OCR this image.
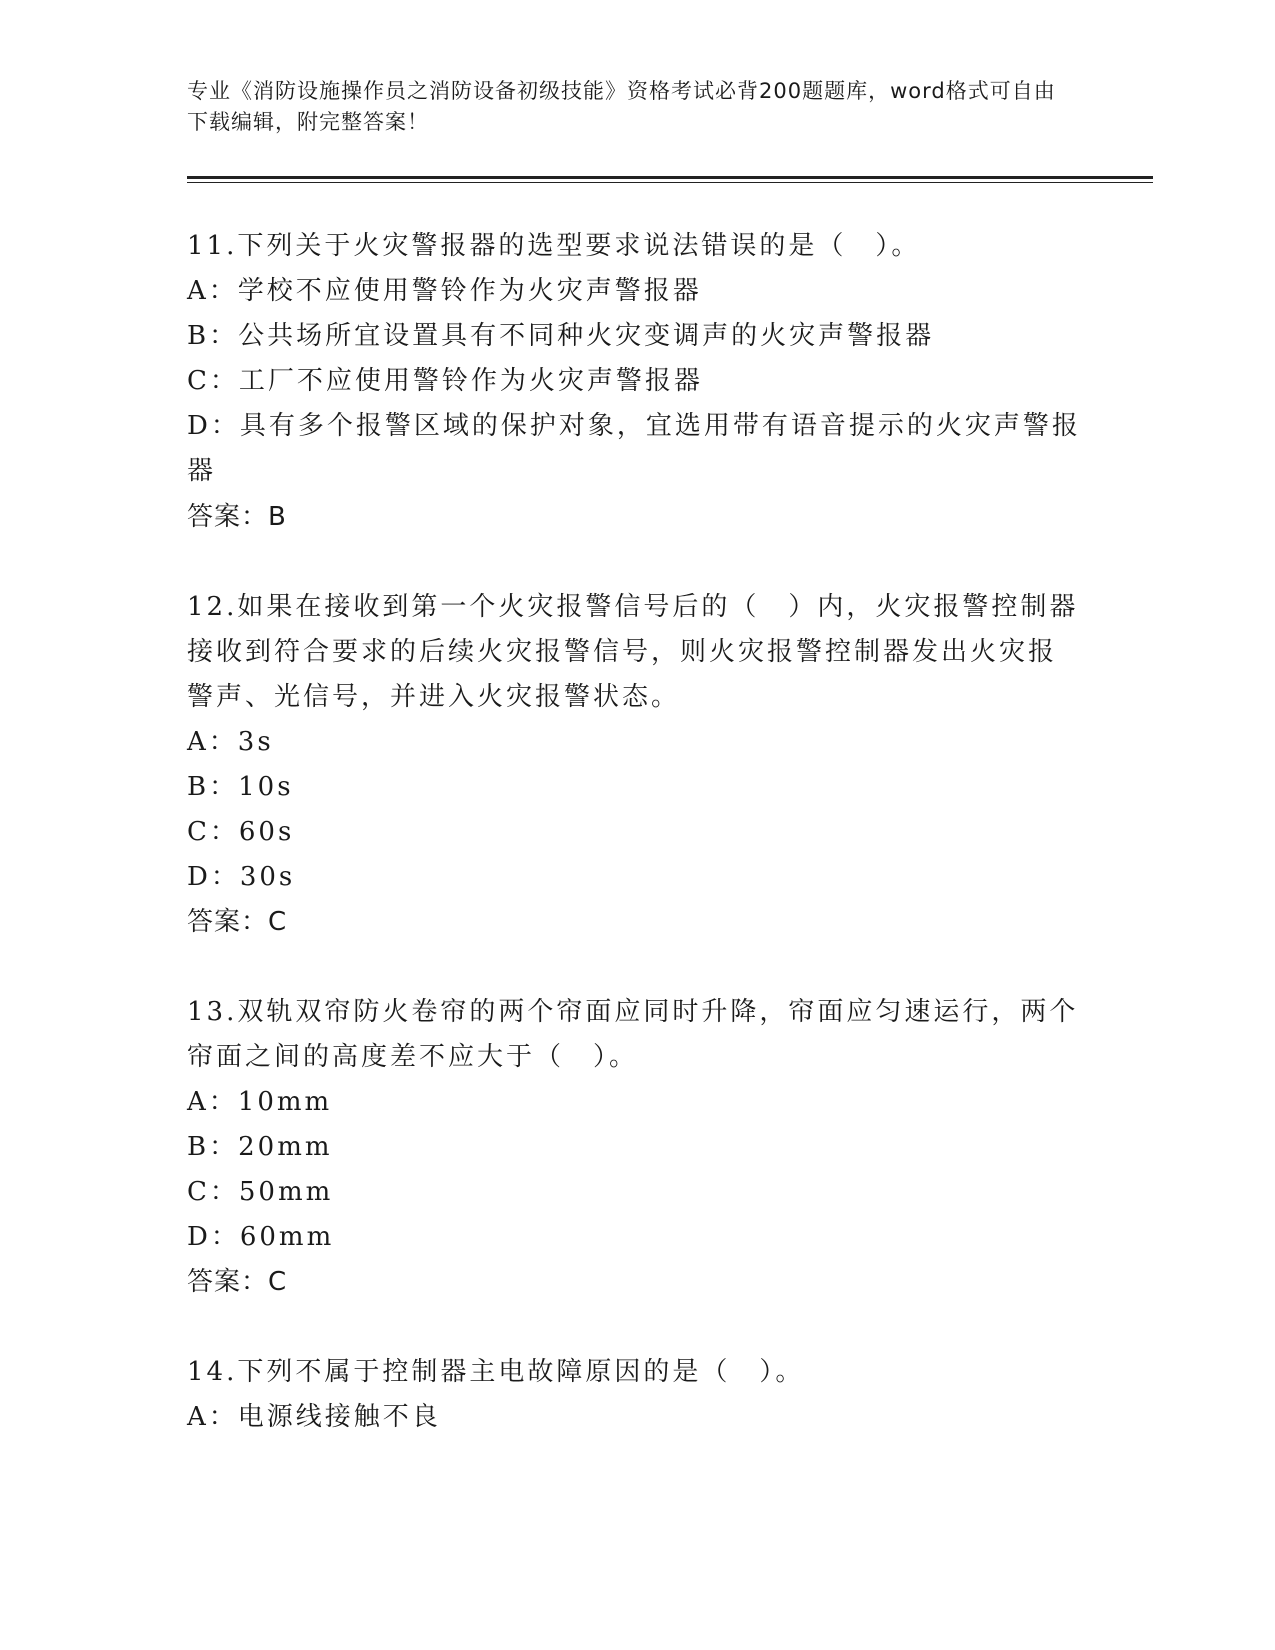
专业《消防设施操作员之消防设备初级技能》资格考试必背200题题库，word格式可自由下载编辑，附完整答案！
11.下列关于火灾警报器的选型要求说法错误的是（　）。
A：学校不应使用警铃作为火灾声警报器
B：公共场所宜设置具有不同种火灾变调声的火灾声警报器
C：工厂不应使用警铃作为火灾声警报器
D：具有多个报警区域的保护对象，宜选用带有语音提示的火灾声警报
器
答案：B
12.如果在接收到第一个火灾报警信号后的（　）内，火灾报警控制器
接收到符合要求的后续火灾报警信号，则火灾报警控制器发出火灾报
警声、光信号，并进入火灾报警状态。
A：3s
B：10s
C：60s
D：30s
答案：C
13.双轨双帘防火卷帘的两个帘面应同时升降，帘面应匀速运行，两个
帘面之间的高度差不应大于（　）。
A：10mm
B：20mm
C：50mm
D：60mm
答案：C
14.下列不属于控制器主电故障原因的是（　）。
A：电源线接触不良
